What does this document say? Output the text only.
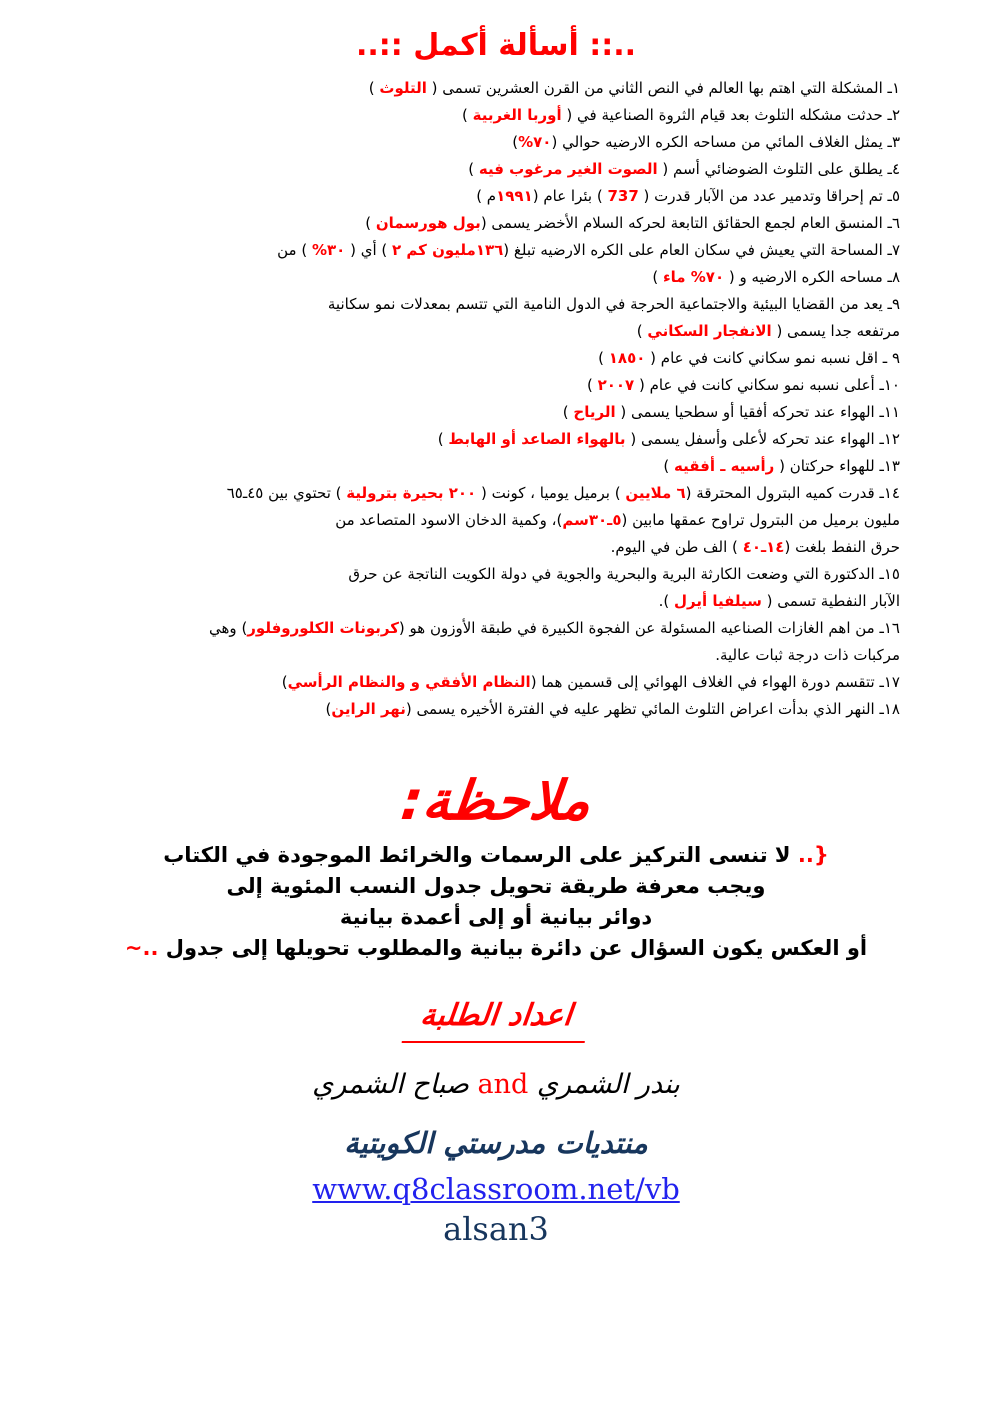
..:: أسألة أكمل ::..
١ـ المشكلة التي اهتم بها العالم في النص الثاني من القرن العشرين تسمى ( التلوث )
٢ـ حدثت مشكله التلوث بعد قيام الثروة الصناعية في ( أوربا الغربية )
٣ـ يمثل الغلاف المائي من مساحه الكره الارضيه حوالي (٧٠%)
٤ـ يطلق على التلوث الضوضائي أسم ( الصوت الغير مرغوب فيه )
٥ـ تم إحراقا وتدمير عدد من الآبار قدرت ( 737 ) بئرا عام (١٩٩١م )
٦ـ المنسق العام لجمع الحقائق التابعة لحركه السلام الأخضر يسمى (بول هورسمان )
٧ـ المساحة التي يعيش في سكان العام على الكره الارضيه تبلغ (١٣٦مليون كم ٢ ) أي ( ٣٠% ) من
٨ـ مساحه الكره الارضيه و ( ٧٠% ماء )
٩ـ يعد من القضايا البيئية والاجتماعية الحرجة في الدول النامية التي تتسم بمعدلات نمو سكانية
مرتفعه جدا يسمى ( الانفجار السكاني )
٩ ـ اقل نسبه نمو سكاني كانت في عام ( ١٨٥٠ )
١٠ـ أعلى نسبه نمو سكاني كانت في عام ( ٢٠٠٧ )
١١ـ الهواء عند تحركه أفقيا أو سطحيا يسمى ( الرياح )
١٢ـ الهواء عند تحركه لأعلى وأسفل يسمى ( بالهواء الصاعد أو الهابط )
١٣ـ للهواء حركتان ( رأسيه ـ أفقيه )
١٤ـ قدرت كميه البترول المحترقة (٦ ملايين ) برميل يوميا ، كونت ( ٢٠٠ بحيرة بترولية ) تحتوي بين ٤٥ـ٦٥
مليون برميل من البترول تراوح عمقها مابين (٥ـ٣٠سم)، وكمية الدخان الاسود المتصاعد من
حرق النفط بلغت (١٤ـ٤٠ ) الف طن في اليوم.
١٥ـ الدكتورة التي وضعت الكارثة البرية والبحرية والجوية في دولة الكويت الناتجة عن حرق
الآبار النفطية تسمى ( سيلفيا أيرل ).
١٦ـ من اهم الغازات الصناعيه المسئولة عن الفجوة الكبيرة في طبقة الأوزون هو (كربونات الكلوروفلور) وهي
مركبات ذات درجة ثبات عالية.
١٧ـ تتقسم دورة الهواء في الغلاف الهوائي إلى قسمين هما (النظام الأفقي و والنظام الرأسي)
١٨ـ النهر الذي بدأت اعراض التلوث المائي تظهر عليه في الفترة الأخيره يسمى (نهر الراين)
ملاحظة:
{.. لا تنسى التركيز على الرسمات والخرائط الموجودة في الكتاب
ويجب معرفة طريقة تحويل جدول النسب المئوية إلى
دوائر بيانية أو إلى أعمدة بيانية
أو العكس يكون السؤال عن دائرة بيانية والمطلوب تحويلها إلى جدول ..~
اعداد الطلبة
بندر الشمري and صباح الشمري
منتديات مدرستي الكويتية
www.q8classroom.net/vb
alsan3
